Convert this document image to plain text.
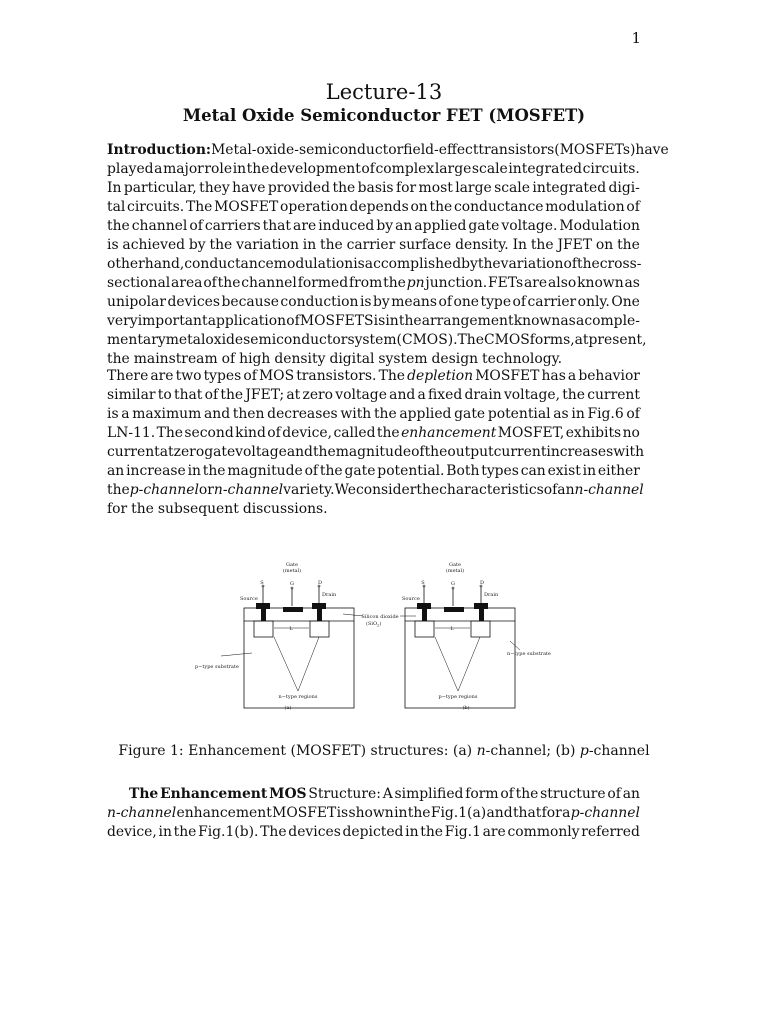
1
Lecture-13
Metal Oxide Semiconductor FET (MOSFET)
Introduction: Metal-oxide-semiconductor field-effect transistors (MOSFETs) have
played a major role in the development of complex large scale integrated circuits.
In particular, they have provided the basis for most large scale integrated digi-
tal circuits. The MOSFET operation depends on the conductance modulation of
the channel of carriers that are induced by an applied gate voltage. Modulation
is achieved by the variation in the carrier surface density. In the JFET on the
other hand, conductance modulation is accomplished by the variation of the cross-
sectional area of the channel formed from the pn junction. FETs are also known as
unipolar devices because conduction is by means of one type of carrier only. One
very important application of MOSFETS is in the arrangement known as a comple-
mentary metal oxide semiconductor system (CMOS). The CMOS forms, at present,
the mainstream of high density digital system design technology.
There are two types of MOS transistors. The depletion MOSFET has a behavior
similar to that of the JFET; at zero voltage and a fixed drain voltage, the current
is a maximum and then decreases with the applied gate potential as in Fig.6 of
LN-11. The second kind of device, called the enhancement MOSFET, exhibits no
current at zero gate voltage and the magnitude of the output current increases with
an increase in the magnitude of the gate potential. Both types can exist in either
the p-channel or n-channel variety. We consider the characteristics of an n-channel
for the subsequent discussions.
Gate
(metal)
S	G	D
Source
Drain
L
p−type substrate
n−type regions
(a)
Silicon dioxide
(SiO$_2$)
Gate
(metal)
S	G	D
Source
Drain
L
n−type substrate
p−type regions
(b)
Figure 1: Enhancement (MOSFET) structures: (a) n-channel; (b) p-channel
The Enhancement MOS Structure: A simplified form of the structure of an
n-channel enhancement MOSFET is shown in the Fig.1(a) and that for a p-channel
device, in the Fig.1(b). The devices depicted in the Fig.1 are commonly referred
